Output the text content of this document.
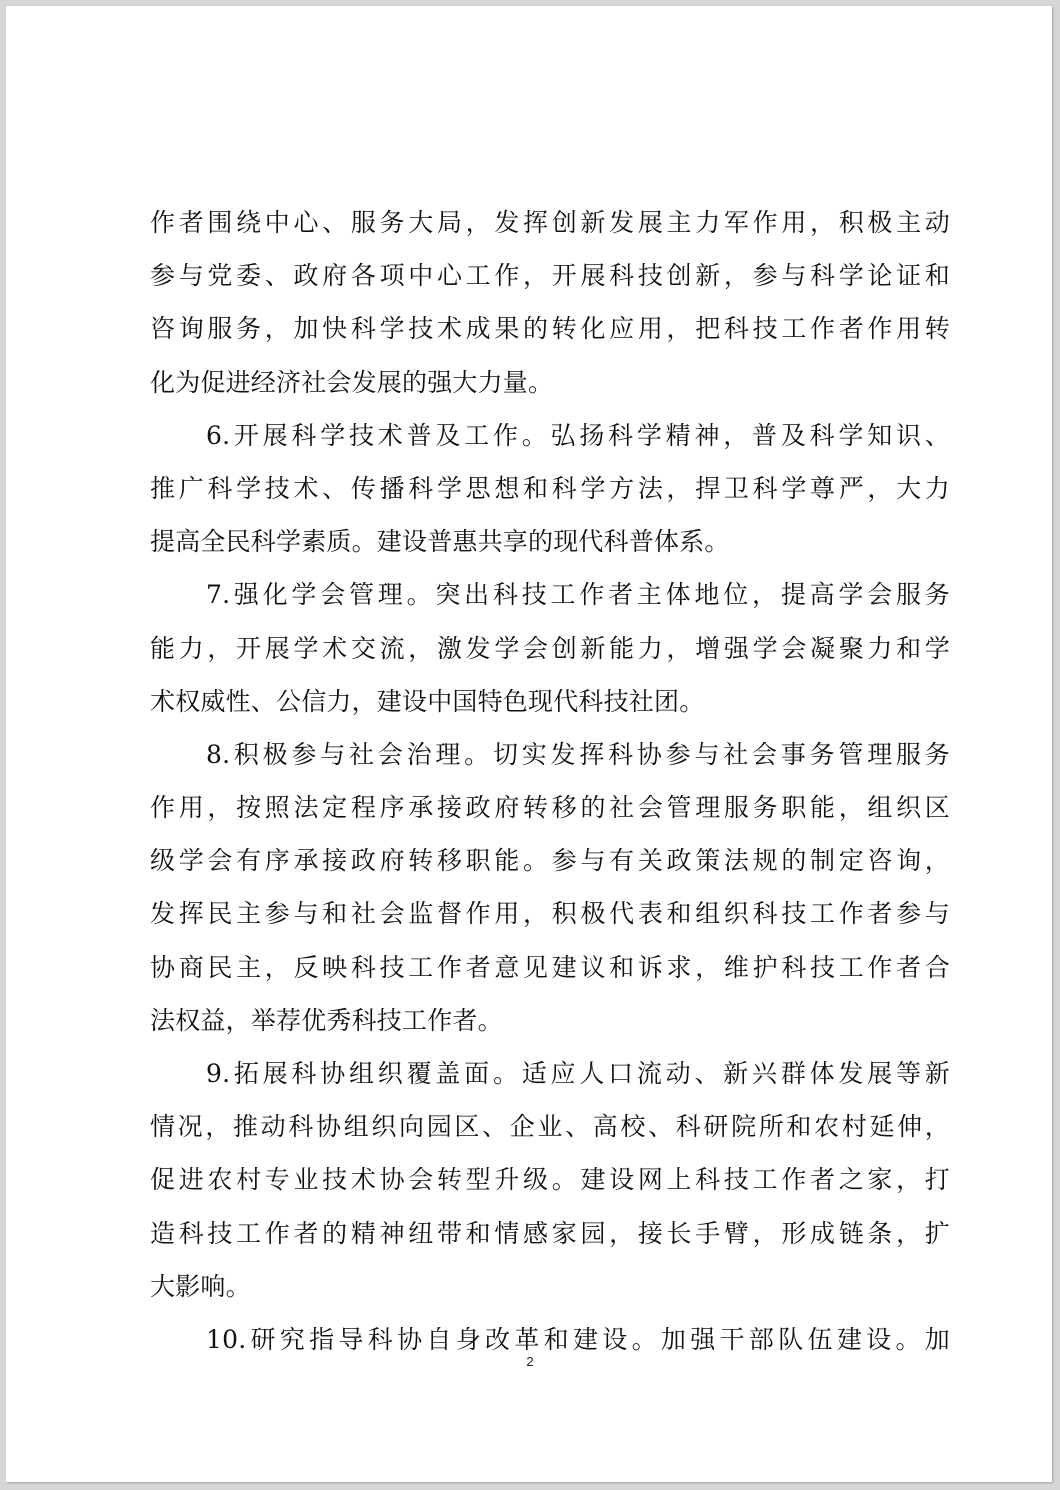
作者围绕中心、服务大局，发挥创新发展主力军作用，积极主动
参与党委、政府各项中心工作，开展科技创新，参与科学论证和
咨询服务，加快科学技术成果的转化应用，把科技工作者作用转
化为促进经济社会发展的强大力量。
6.开展科学技术普及工作。弘扬科学精神，普及科学知识、
推广科学技术、传播科学思想和科学方法，捍卫科学尊严，大力
提高全民科学素质。建设普惠共享的现代科普体系。
7.强化学会管理。突出科技工作者主体地位，提高学会服务
能力，开展学术交流，激发学会创新能力，增强学会凝聚力和学
术权威性、公信力，建设中国特色现代科技社团。
8.积极参与社会治理。切实发挥科协参与社会事务管理服务
作用，按照法定程序承接政府转移的社会管理服务职能，组织区
级学会有序承接政府转移职能。参与有关政策法规的制定咨询，
发挥民主参与和社会监督作用，积极代表和组织科技工作者参与
协商民主，反映科技工作者意见建议和诉求，维护科技工作者合
法权益，举荐优秀科技工作者。
9.拓展科协组织覆盖面。适应人口流动、新兴群体发展等新
情况，推动科协组织向园区、企业、高校、科研院所和农村延伸，
促进农村专业技术协会转型升级。建设网上科技工作者之家，打
造科技工作者的精神纽带和情感家园，接长手臂，形成链条，扩
大影响。
10.研究指导科协自身改革和建设。加强干部队伍建设。加
2
